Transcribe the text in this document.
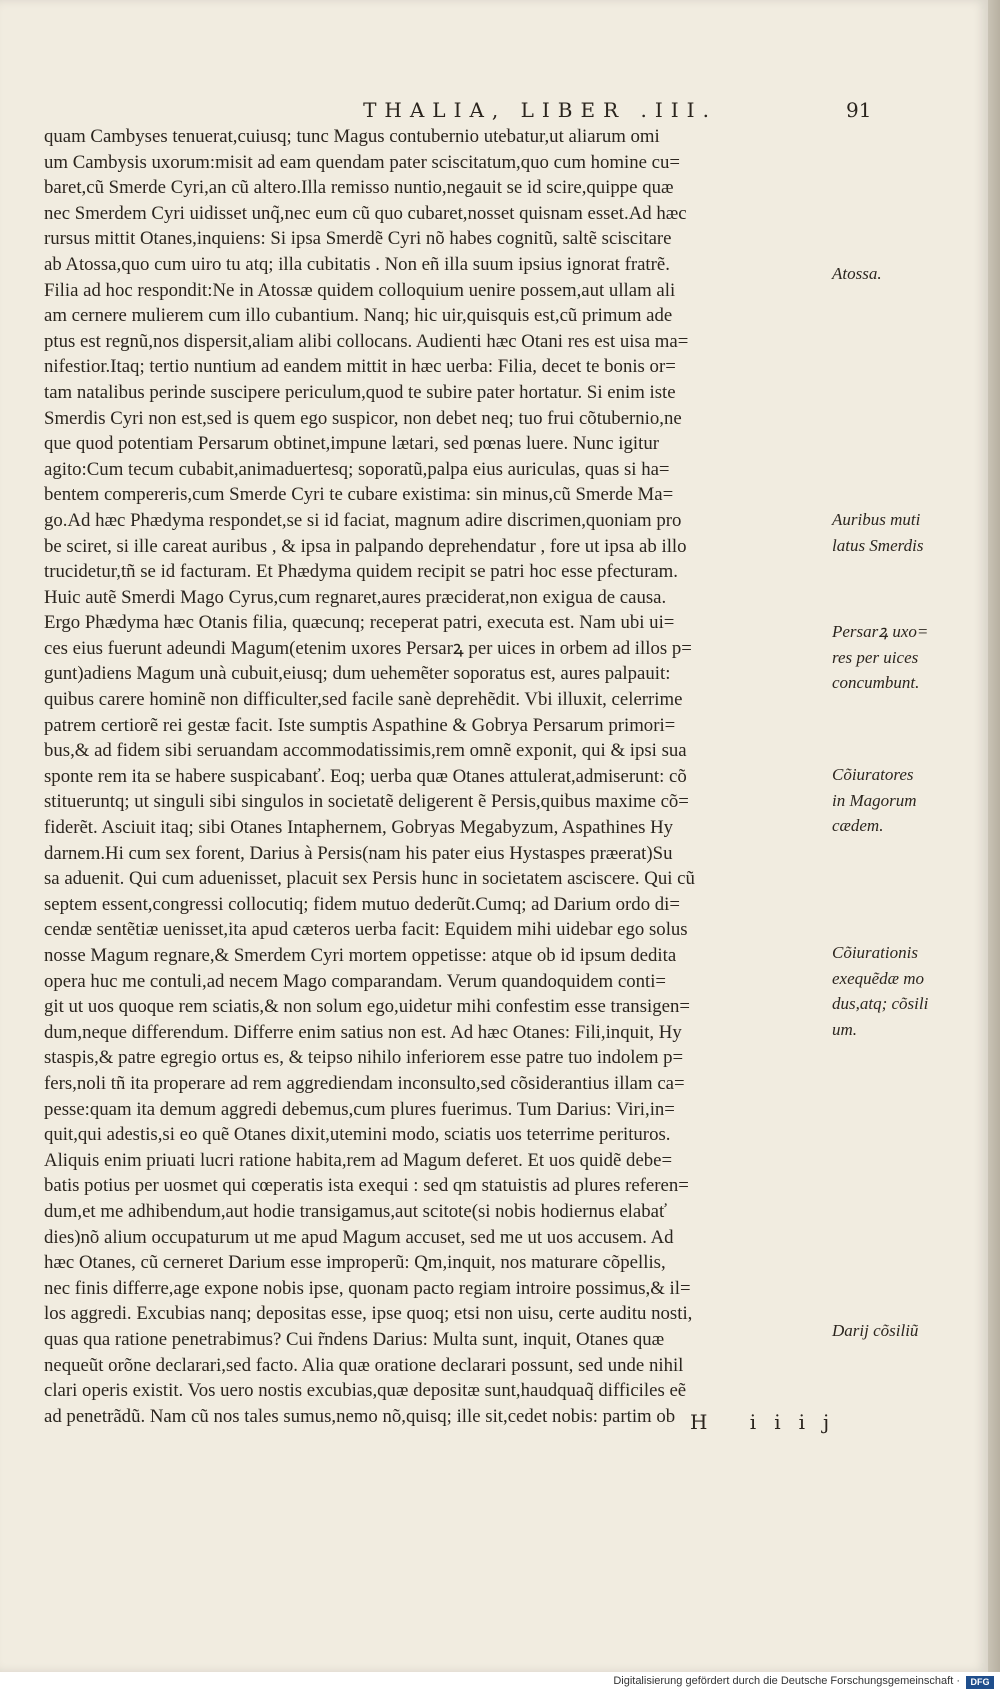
THALIA, LIBER .III.	91
quam Cambyses tenuerat,cuiusq; tunc Magus contubernio utebatur,ut aliarum omi
um Cambysis uxorum:misit ad eam quendam pater sciscitatum,quo cum homine cu=
baret,cũ Smerde Cyri,an cũ altero.Illa remisso nuntio,negauit se id scire,quippe quæ
nec Smerdem Cyri uidisset unq̃,nec eum cũ quo cubaret,nosset quisnam esset.Ad hæc
rursus mittit Otanes,inquiens: Si ipsa Smerdẽ Cyri nõ habes cognitũ, saltẽ sciscitare
ab Atossa,quo cum uiro tu atq; illa cubitatis . Non eñ illa suum ipsius ignorat fratrẽ.
Filia ad hoc respondit:Ne in Atossæ quidem colloquium uenire possem,aut ullam ali
am cernere mulierem cum illo cubantium. Nanq; hic uir,quisquis est,cũ primum ade
ptus est regnũ,nos dispersit,aliam alibi collocans. Audienti hæc Otani res est uisa ma=
nifestior.Itaq; tertio nuntium ad eandem mittit in hæc uerba: Filia, decet te bonis or=
tam natalibus perinde suscipere periculum,quod te subire pater hortatur. Si enim iste
Smerdis Cyri non est,sed is quem ego suspicor, non debet neq; tuo frui cõtubernio,ne
que quod potentiam Persarum obtinet,impune lætari, sed pœnas luere. Nunc igitur
agito:Cum tecum cubabit,animaduertesq; soporatũ,palpa eius auriculas, quas si ha=
bentem compereris,cum Smerde Cyri te cubare existima: sin minus,cũ Smerde Ma=
go.Ad hæc Phædyma respondet,se si id faciat, magnum adire discrimen,quoniam pro
be sciret, si ille careat auribus , & ipsa in palpando deprehendatur , fore ut ipsa ab illo
trucidetur,tñ se id facturam. Et Phædyma quidem recipit se patri hoc esse pfecturam.
Huic autẽ Smerdi Mago Cyrus,cum regnaret,aures præciderat,non exigua de causa.
Ergo Phædyma hæc Otanis filia, quæcunq; receperat patri, executa est. Nam ubi ui=
ces eius fuerunt adeundi Magum(etenim uxores Persarꝝ per uices in orbem ad illos p=
gunt)adiens Magum unà cubuit,eiusq; dum uehemẽter soporatus est, aures palpauit:
quibus carere hominẽ non difficulter,sed facile sanè deprehẽdit. Vbi illuxit, celerrime
patrem certiorẽ rei gestæ facit. Iste sumptis Aspathine & Gobrya Persarum primori=
bus,& ad fidem sibi seruandam accommodatissimis,rem omnẽ exponit, qui & ipsi sua
sponte rem ita se habere suspicabanť. Eoq; uerba quæ Otanes attulerat,admiserunt: cõ
stitueruntq; ut singuli sibi singulos in societatẽ deligerent ẽ Persis,quibus maxime cõ=
fiderẽt. Asciuit itaq; sibi Otanes Intaphernem, Gobryas Megabyzum, Aspathines Hy
darnem.Hi cum sex forent, Darius à Persis(nam his pater eius Hystaspes præerat)Su
sa aduenit. Qui cum aduenisset, placuit sex Persis hunc in societatem asciscere. Qui cũ
septem essent,congressi collocutiq; fidem mutuo dederũt.Cumq; ad Darium ordo di=
cendæ sentẽtiæ uenisset,ita apud cæteros uerba facit: Equidem mihi uidebar ego solus
nosse Magum regnare,& Smerdem Cyri mortem oppetisse: atque ob id ipsum dedita
opera huc me contuli,ad necem Mago comparandam. Verum quandoquidem conti=
git ut uos quoque rem sciatis,& non solum ego,uidetur mihi confestim esse transigen=
dum,neque differendum. Differre enim satius non est. Ad hæc Otanes: Fili,inquit, Hy
staspis,& patre egregio ortus es, & teipso nihilo inferiorem esse patre tuo indolem p=
fers,noli tñ ita properare ad rem aggrediendam inconsulto,sed cõsiderantius illam ca=
pesse:quam ita demum aggredi debemus,cum plures fuerimus. Tum Darius: Viri,in=
quit,qui adestis,si eo quẽ Otanes dixit,utemini modo, sciatis uos teterrime perituros.
Aliquis enim priuati lucri ratione habita,rem ad Magum deferet. Et uos quidẽ debe=
batis potius per uosmet qui cœperatis ista exequi : sed qm statuistis ad plures referen=
dum,et me adhibendum,aut hodie transigamus,aut scitote(si nobis hodiernus elabať
dies)nõ alium occupaturum ut me apud Magum accuset, sed me ut uos accusem. Ad
hæc Otanes, cũ cerneret Darium esse improperũ: Qm,inquit, nos maturare cõpellis,
nec finis differre,age expone nobis ipse, quonam pacto regiam introire possimus,& il=
los aggredi. Excubias nanq; depositas esse, ipse quoq; etsi non uisu, certe auditu nosti,
quas qua ratione penetrabimus? Cui r̃ndens Darius: Multa sunt, inquit, Otanes quæ
nequeũt orõne declarari,sed facto. Alia quæ oratione declarari possunt, sed unde nihil
clari operis existit. Vos uero nostis excubias,quæ depositæ sunt,haudquaq̃ difficiles eẽ
ad penetrãdũ. Nam cũ nos tales sumus,nemo nõ,quisq; ille sit,cedet nobis: partim ob
Atossa.
Auribus muti
latus Smerdis
Persarꝝ uxo=
res per uices
concumbunt.
Cõiuratores
in Magorum
cædem.
Cõiurationis
exequẽdæ mo
dus,atq; cõsili
um.
Darij cõsiliũ
H iiij
Digitalisierung gefördert durch die Deutsche Forschungsgemeinschaft ·	DFG
